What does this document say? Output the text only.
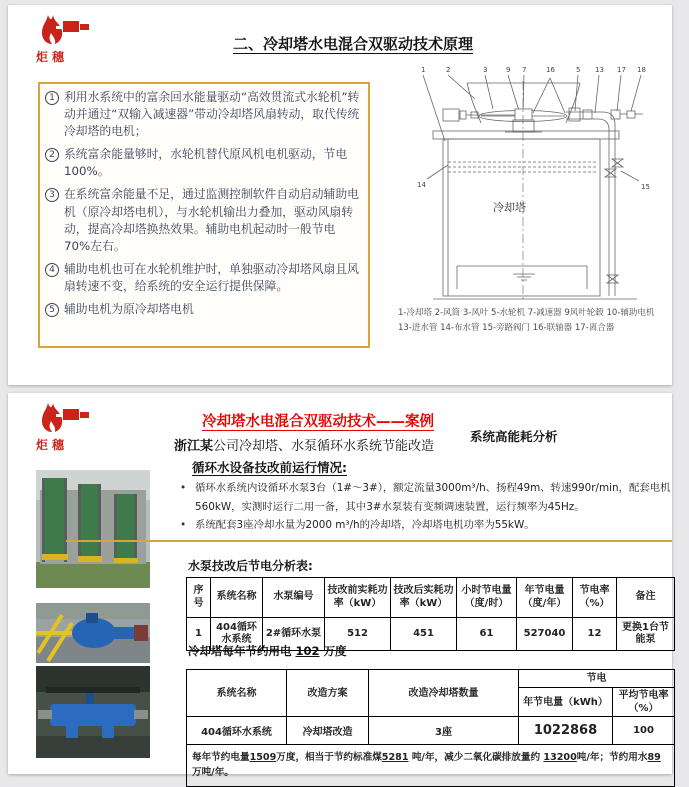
炬穗
二、冷却塔水电混合双驱动技术原理
1 利用水系统中的富余回水能量驱动“高效贯流式水轮机”转动并通过“双输入减速器”带动冷却塔风扇转动，取代传统冷却塔的电机；
2 系统富余能量够时，水轮机替代原风机电机驱动，节电100%。
3 在系统富余能量不足，通过监测控制软件自动启动辅助电机（原冷却塔电机），与水轮机输出力叠加，驱动风扇转动，提高冷却塔换热效果。辅助电机起动时一般节电70%左右。
4 辅助电机也可在水轮机维护时，单独驱动冷却塔风扇且风扇转速不变，给系统的安全运行提供保障。
5 辅助电机为原冷却塔电机
1	2	3	9 7	16	5 13 17 18
14	15
冷却塔
1-冷却塔 2-风筒 3-风叶 5-水轮机 7-减速器 9风叶轮毂 10-辅助电机
13-进水管 14-布水管 15-旁路阀门 16-联轴器 17-离合器
炬穗
冷却塔水电混合双驱动技术——案例
系统高能耗分析
浙江某公司冷却塔、水泵循环水系统节能改造
循环水设备技改前运行情况:
• 循环水系统内设循环水泵3台（1#～3#），额定流量3000m³/h、扬程49m、转速990r/min，配套电机560kW，实测时运行二用一备，其中3#水泵装有变频调速装置，运行频率为45Hz。
• 系统配套3座冷却水量为2000 m³/h的冷却塔，冷却塔电机功率为55kW。
水泵技改后节电分析表:
序号	系统名称	水泵编号	技改前实耗功率（kW）	技改后实耗功率（kW）	小时节电量（度/时）	年节电量（度/年）	节电率（%）	备注
1	404循环水系统	2#循环水泵	512	451	61	527040	12	更换1台节能泵
冷却塔每年节约用电 102 万度
系统名称	改造方案	改造冷却塔数量	节电	
			年节电量（kWh）	平均节电率（%）
404循环水系统	冷却塔改造	3座	1022868	100
每年节约电量1509万度，相当于节约标准煤5281 吨/年，减少二氧化碳排放量约 13200吨/年；节约用水89万吨/年。				
